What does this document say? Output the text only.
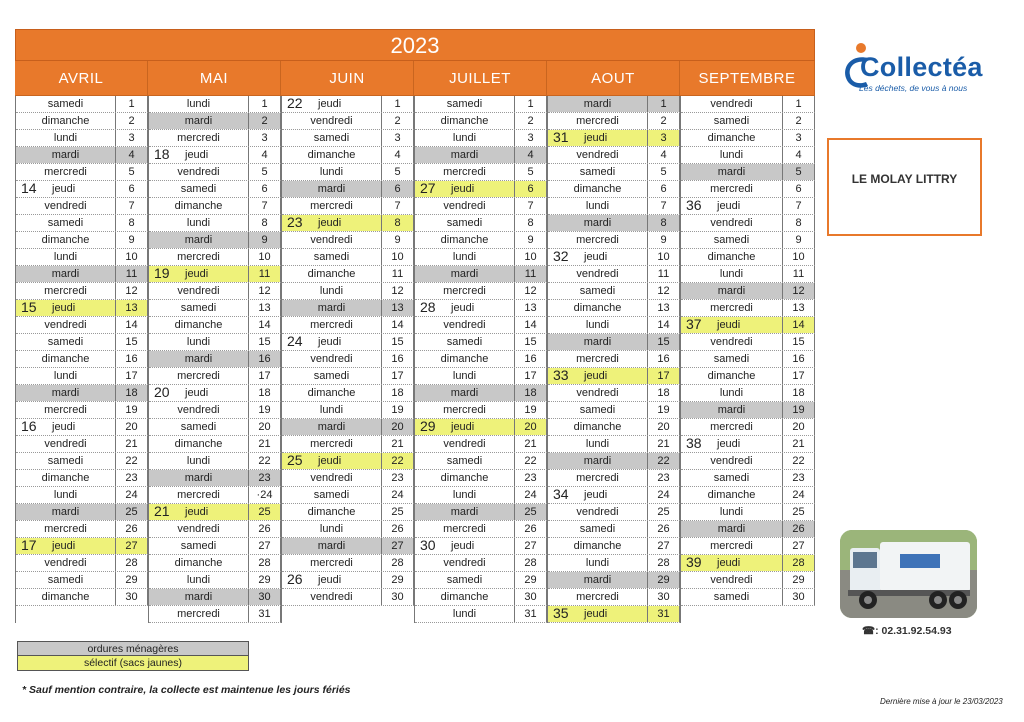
2023
AVRIL
samedi	1
dimanche	2
lundi	3
mardi	4
mercredi	5
14 jeudi	6
vendredi	7
samedi	8
dimanche	9
lundi	10
mardi	11
mercredi	12
15 jeudi	13
vendredi	14
samedi	15
dimanche	16
lundi	17
mardi	18
mercredi	19
16 jeudi	20
vendredi	21
samedi	22
dimanche	23
lundi	24
mardi	25
mercredi	26
17 jeudi	27
vendredi	28
samedi	29
dimanche	30
MAI
lundi	1
mardi	2
mercredi	3
18 jeudi	4
vendredi	5
samedi	6
dimanche	7
lundi	8
mardi	9
mercredi	10
19 jeudi	11
vendredi	12
samedi	13
dimanche	14
lundi	15
mardi	16
mercredi	17
20 jeudi	18
vendredi	19
samedi	20
dimanche	21
lundi	22
mardi	23
mercredi	·24
21 jeudi	25
vendredi	26
samedi	27
dimanche	28
lundi	29
mardi	30
mercredi	31
JUIN
22 jeudi	1
vendredi	2
samedi	3
dimanche	4
lundi	5
mardi	6
mercredi	7
23 jeudi	8
vendredi	9
samedi	10
dimanche	11
lundi	12
mardi	13
mercredi	14
24 jeudi	15
vendredi	16
samedi	17
dimanche	18
lundi	19
mardi	20
mercredi	21
25 jeudi	22
vendredi	23
samedi	24
dimanche	25
lundi	26
mardi	27
mercredi	28
26 jeudi	29
vendredi	30
JUILLET
samedi	1
dimanche	2
lundi	3
mardi	4
mercredi	5
27 jeudi	6
vendredi	7
samedi	8
dimanche	9
lundi	10
mardi	11
mercredi	12
28 jeudi	13
vendredi	14
samedi	15
dimanche	16
lundi	17
mardi	18
mercredi	19
29 jeudi	20
vendredi	21
samedi	22
dimanche	23
lundi	24
mardi	25
mercredi	26
30 jeudi	27
vendredi	28
samedi	29
dimanche	30
lundi	31
AOUT
mardi	1
mercredi	2
31 jeudi	3
vendredi	4
samedi	5
dimanche	6
lundi	7
mardi	8
mercredi	9
32 jeudi	10
vendredi	11
samedi	12
dimanche	13
lundi	14
mardi	15
mercredi	16
33 jeudi	17
vendredi	18
samedi	19
dimanche	20
lundi	21
mardi	22
mercredi	23
34 jeudi	24
vendredi	25
samedi	26
dimanche	27
lundi	28
mardi	29
mercredi	30
35 jeudi	31
SEPTEMBRE
vendredi	1
samedi	2
dimanche	3
lundi	4
mardi	5
mercredi	6
36 jeudi	7
vendredi	8
samedi	9
dimanche	10
lundi	11
mardi	12
mercredi	13
37 jeudi	14
vendredi	15
samedi	16
dimanche	17
lundi	18
mardi	19
mercredi	20
38 jeudi	21
vendredi	22
samedi	23
dimanche	24
lundi	25
mardi	26
mercredi	27
39 jeudi	28
vendredi	29
samedi	30
Collectéa
Les déchets, de vous à nous
LE MOLAY LITTRY
☎: 02.31.92.54.93
ordures ménagères
sélectif (sacs jaunes)
* Sauf mention contraire, la collecte est maintenue les jours fériés
Dernière mise à jour le 23/03/2023
